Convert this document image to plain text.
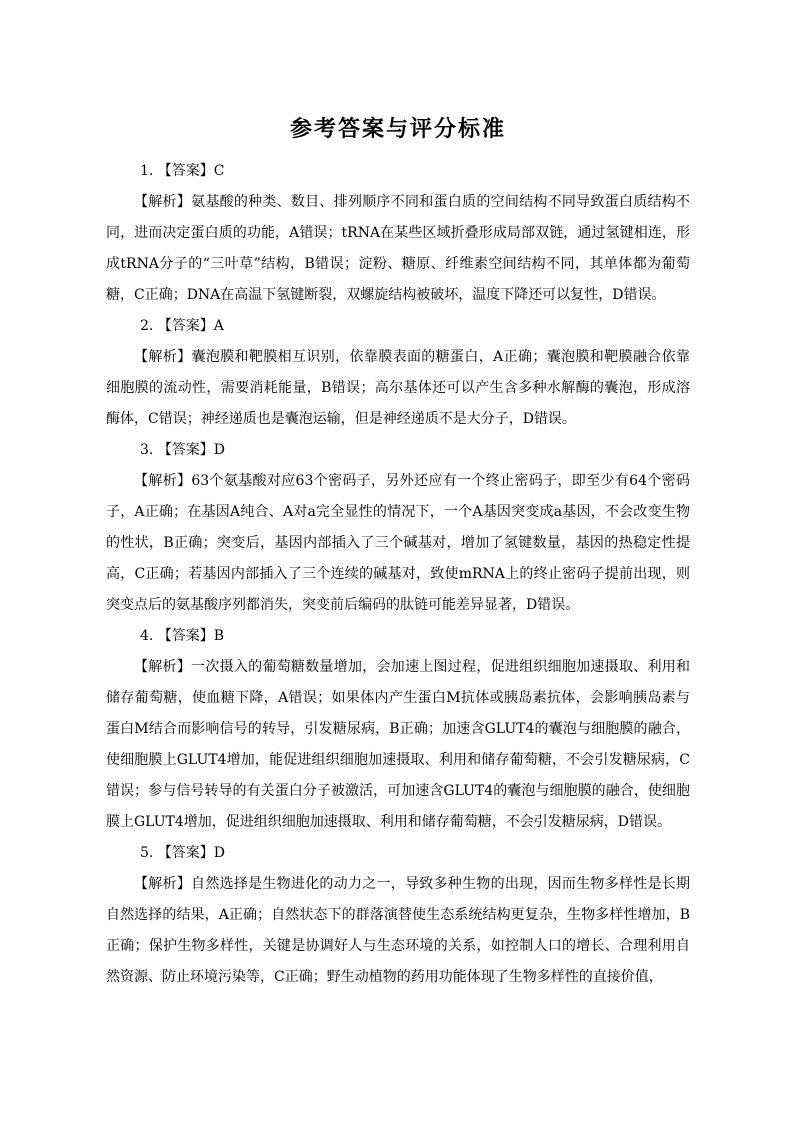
参考答案与评分标准
1. 【答案】C

【解析】氨基酸的种类、数目、排列顺序不同和蛋白质的空间结构不同导致蛋白质结构不同，进而决定蛋白质的功能，A错误；tRNA在某些区域折叠形成局部双链，通过氢键相连，形成tRNA分子的“三叶草”结构，B错误；淀粉、糖原、纤维素空间结构不同，其单体都为葡萄糖，C正确；DNA在高温下氢键断裂，双螺旋结构被破坏，温度下降还可以复性，D错误。

2. 【答案】A

【解析】囊泡膜和靶膜相互识别，依靠膜表面的糖蛋白，A正确；囊泡膜和靶膜融合依靠细胞膜的流动性，需要消耗能量，B错误；高尔基体还可以产生含多种水解酶的囊泡，形成溶酶体，C错误；神经递质也是囊泡运输，但是神经递质不是大分子，D错误。

3. 【答案】D

【解析】63个氨基酸对应63个密码子，另外还应有一个终止密码子，即至少有64个密码子，A正确；在基因A纯合、A对a完全显性的情况下，一个A基因突变成a基因，不会改变生物的性状，B正确；突变后，基因内部插入了三个碱基对，增加了氢键数量，基因的热稳定性提高，C正确；若基因内部插入了三个连续的碱基对，致使mRNA上的终止密码子提前出现，则突变点后的氨基酸序列都消失，突变前后编码的肽链可能差异显著，D错误。

4. 【答案】B

【解析】一次摄入的葡萄糖数量增加，会加速上图过程，促进组织细胞加速摄取、利用和储存葡萄糖，使血糖下降，A错误；如果体内产生蛋白M抗体或胰岛素抗体，会影响胰岛素与蛋白M结合而影响信号的转导，引发糖尿病，B正确；加速含GLUT4的囊泡与细胞膜的融合，使细胞膜上GLUT4增加，能促进组织细胞加速摄取、利用和储存葡萄糖，不会引发糖尿病，C错误；参与信号转导的有关蛋白分子被激活，可加速含GLUT4的囊泡与细胞膜的融合，使细胞膜上GLUT4增加，促进组织细胞加速摄取、利用和储存葡萄糖，不会引发糖尿病，D错误。

5. 【答案】D

【解析】自然选择是生物进化的动力之一，导致多种生物的出现，因而生物多样性是长期自然选择的结果，A正确；自然状态下的群落演替使生态系统结构更复杂，生物多样性增加，B正确；保护生物多样性，关键是协调好人与生态环境的关系，如控制人口的增长、合理利用自然资源、防止环境污染等，C正确；野生动植物的药用功能体现了生物多样性的直接价值，
